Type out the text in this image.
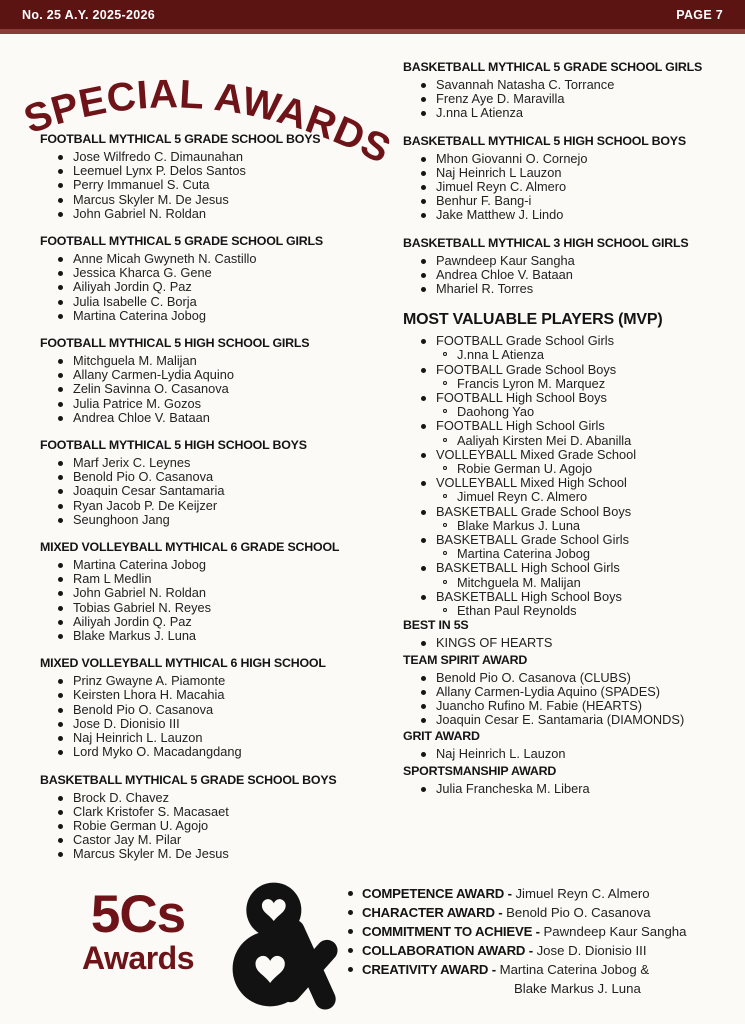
No. 25 A.Y. 2025-2026	PAGE 7
SPECIAL AWARDS
FOOTBALL MYTHICAL 5 GRADE SCHOOL BOYS
Jose Wilfredo C. Dimaunahan
Leemuel Lynx P. Delos Santos
Perry Immanuel S. Cuta
Marcus Skyler M. De Jesus
John Gabriel N. Roldan
FOOTBALL MYTHICAL 5 GRADE SCHOOL GIRLS
Anne Micah Gwyneth N. Castillo
Jessica Kharca G. Gene
Ailiyah Jordin Q. Paz
Julia Isabelle C. Borja
Martina Caterina Jobog
FOOTBALL MYTHICAL 5 HIGH SCHOOL GIRLS
Mitchguela M. Malijan
Allany Carmen-Lydia Aquino
Zelin Savinna O. Casanova
Julia Patrice M. Gozos
Andrea Chloe V. Bataan
FOOTBALL MYTHICAL 5 HIGH SCHOOL BOYS
Marf Jerix C. Leynes
Benold Pio O. Casanova
Joaquin Cesar Santamaria
Ryan Jacob P. De Keijzer
Seunghoon Jang
MIXED VOLLEYBALL MYTHICAL 6 GRADE SCHOOL
Martina Caterina Jobog
Ram L Medlin
John Gabriel N. Roldan
Tobias Gabriel N. Reyes
Ailiyah Jordin Q. Paz
Blake Markus J. Luna
MIXED VOLLEYBALL MYTHICAL 6 HIGH SCHOOL
Prinz Gwayne A. Piamonte
Keirsten Lhora H. Macahia
Benold Pio O. Casanova
Jose D. Dionisio III
Naj Heinrich L. Lauzon
Lord Myko O. Macadangdang
BASKETBALL MYTHICAL 5 GRADE SCHOOL BOYS
Brock D. Chavez
Clark Kristofer S. Macasaet
Robie German U. Agojo
Castor Jay M. Pilar
Marcus Skyler M. De Jesus
BASKETBALL MYTHICAL 5 GRADE SCHOOL GIRLS
Savannah Natasha C. Torrance
Frenz Aye D. Maravilla
J.nna L Atienza
BASKETBALL MYTHICAL 5 HIGH SCHOOL BOYS
Mhon Giovanni O. Cornejo
Naj Heinrich L Lauzon
Jimuel Reyn C. Almero
Benhur F. Bang-i
Jake Matthew J. Lindo
BASKETBALL MYTHICAL 3 HIGH SCHOOL GIRLS
Pawndeep Kaur Sangha
Andrea Chloe V. Bataan
Mhariel R. Torres
MOST VALUABLE PLAYERS (MVP)
FOOTBALL Grade School Girls
J.nna L Atienza
FOOTBALL Grade School Boys
Francis Lyron M. Marquez
FOOTBALL High School Boys
Daohong Yao
FOOTBALL High School Girls
Aaliyah Kirsten Mei D. Abanilla
VOLLEYBALL Mixed Grade School
Robie German U. Agojo
VOLLEYBALL Mixed High School
Jimuel Reyn C. Almero
BASKETBALL Grade School Boys
Blake Markus J. Luna
BASKETBALL Grade School Girls
Martina Caterina Jobog
BASKETBALL High School Girls
Mitchguela M. Malijan
BASKETBALL High School Boys
Ethan Paul Reynolds
BEST IN 5S
KINGS OF HEARTS
TEAM SPIRIT AWARD
Benold Pio O. Casanova (CLUBS)
Allany Carmen-Lydia Aquino (SPADES)
Juancho Rufino M. Fabie (HEARTS)
Joaquin Cesar E. Santamaria (DIAMONDS)
GRIT AWARD
Naj Heinrich L. Lauzon
SPORTSMANSHIP AWARD
Julia Francheska M. Libera
5Cs
Awards
COMPETENCE AWARD - Jimuel Reyn C. Almero
CHARACTER AWARD - Benold Pio O. Casanova
COMMITMENT TO ACHIEVE - Pawndeep Kaur Sangha
COLLABORATION AWARD - Jose D. Dionisio III
CREATIVITY AWARD - Martina Caterina Jobog &
Blake Markus J. Luna
